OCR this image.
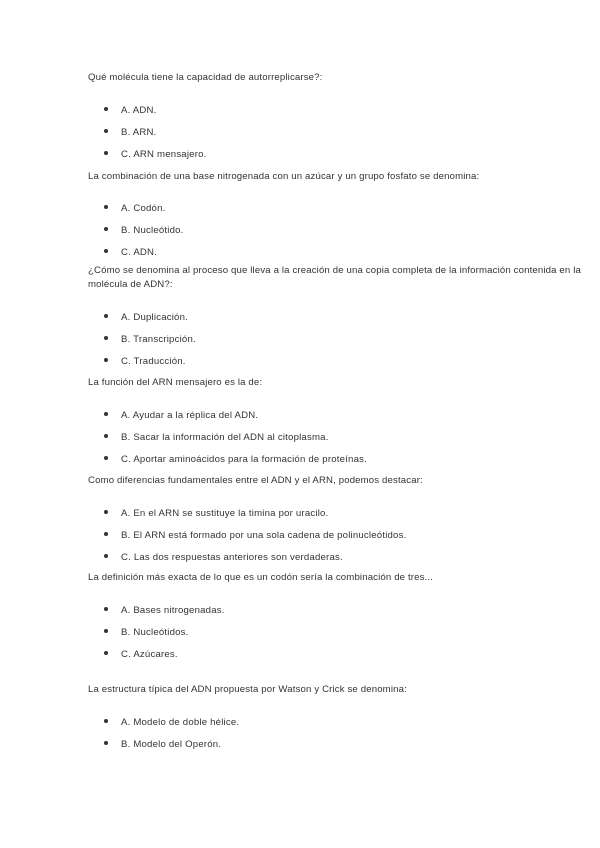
Qué molécula tiene la capacidad de autorreplicarse?:

A. ADN.
B. ARN.
C. ARN mensajero.

La combinación de una base nitrogenada con un azúcar y un grupo fosfato se denomina:

A. Codón.
B. Nucleótido.
C. ADN.

¿Cómo se denomina al proceso que lleva a la creación de una copia completa de la información contenida en la molécula de ADN?:

A. Duplicación.
B. Transcripción.
C. Traducción.

La función del ARN mensajero es la de:

A. Ayudar a la réplica del ADN.
B. Sacar la información del ADN al citoplasma.
C. Aportar aminoácidos para la formación de proteínas.

Como diferencias fundamentales entre el ADN y el ARN, podemos destacar:

A. En el ARN se sustituye la timina por uracilo.
B. El ARN está formado por una sola cadena de polinucleótidos.
C. Las dos respuestas anteriores son verdaderas.

La definición más exacta de lo que es un codón sería la combinación de tres...

A. Bases nitrogenadas.
B. Nucleótidos.
C. Azúcares.

La estructura típica del ADN propuesta por Watson y Crick se denomina:

A. Modelo de doble hélice.
B. Modelo del Operón.
